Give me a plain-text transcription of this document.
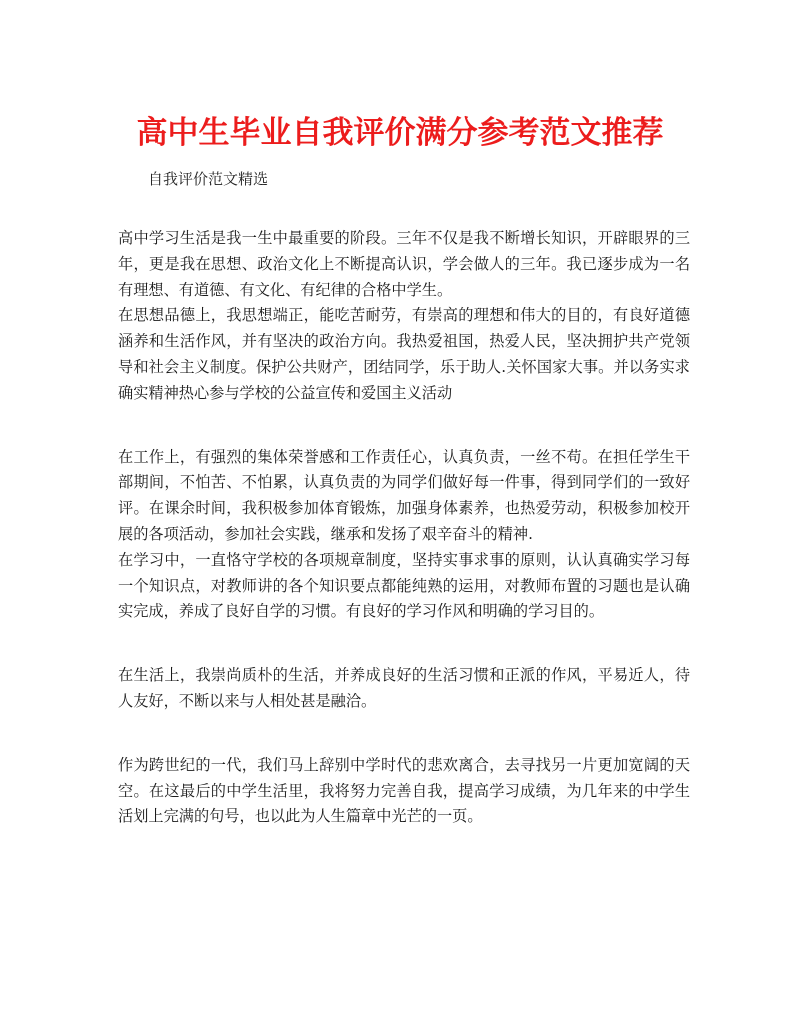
高中生毕业自我评价满分参考范文推荐
自我评价范文精选

高中学习生活是我一生中最重要的阶段。三年不仅是我不断增长知识，开辟眼界的三年，更是我在思想、政治文化上不断提高认识，学会做人的三年。我已逐步成为一名有理想、有道德、有文化、有纪律的合格中学生。

在思想品德上，我思想端正，能吃苦耐劳，有崇高的理想和伟大的目的，有良好道德涵养和生活作风，并有坚决的政治方向。我热爱祖国，热爱人民，坚决拥护共产党领导和社会主义制度。保护公共财产，团结同学，乐于助人.关怀国家大事。并以务实求确实精神热心参与学校的公益宣传和爱国主义活动

在工作上，有强烈的集体荣誉感和工作责任心，认真负责，一丝不苟。在担任学生干部期间，不怕苦、不怕累，认真负责的为同学们做好每一件事，得到同学们的一致好评。在课余时间，我积极参加体育锻炼，加强身体素养，也热爱劳动，积极参加校开展的各项活动，参加社会实践，继承和发扬了艰辛奋斗的精神.

在学习中，一直恪守学校的各项规章制度，坚持实事求事的原则，认认真确实学习每一个知识点，对教师讲的各个知识要点都能纯熟的运用，对教师布置的习题也是认确实完成，养成了良好自学的习惯。有良好的学习作风和明确的学习目的。

在生活上，我崇尚质朴的生活，并养成良好的生活习惯和正派的作风，平易近人，待人友好，不断以来与人相处甚是融洽。

作为跨世纪的一代，我们马上辞别中学时代的悲欢离合，去寻找另一片更加宽阔的天空。在这最后的中学生活里，我将努力完善自我，提高学习成绩，为几年来的中学生活划上完满的句号，也以此为人生篇章中光芒的一页。
